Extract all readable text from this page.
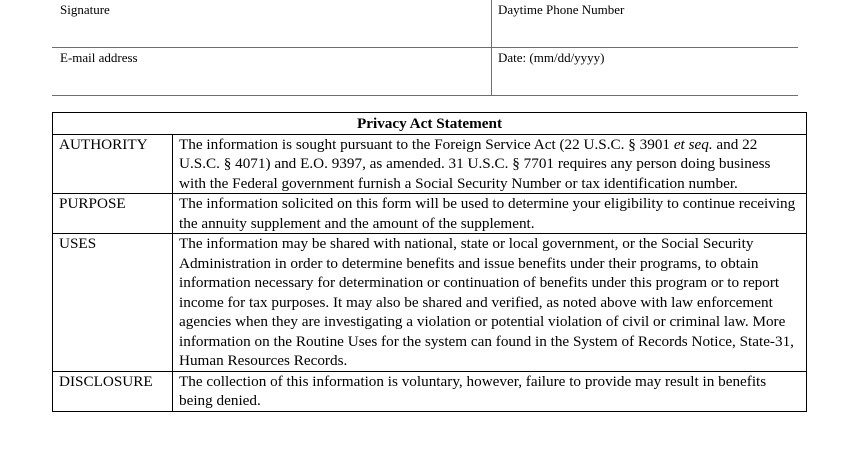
Signature	Daytime Phone Number
E-mail address	Date: (mm/dd/yyyy)
Privacy Act Statement	
AUTHORITY	The information is sought pursuant to the Foreign Service Act (22 U.S.C. § 3901 et seq. and 22 U.S.C. § 4071) and E.O. 9397, as amended. 31 U.S.C. § 7701 requires any person doing business with the Federal government furnish a Social Security Number or tax identification number.
PURPOSE	The information solicited on this form will be used to determine your eligibility to continue receiving the annuity supplement and the amount of the supplement.
USES	The information may be shared with national, state or local government, or the Social Security Administration in order to determine benefits and issue benefits under their programs, to obtain information necessary for determination or continuation of benefits under this program or to report income for tax purposes. It may also be shared and verified, as noted above with law enforcement agencies when they are investigating a violation or potential violation of civil or criminal law. More information on the Routine Uses for the system can found in the System of Records Notice, State-31, Human Resources Records.
DISCLOSURE	The collection of this information is voluntary, however, failure to provide may result in benefits being denied.
